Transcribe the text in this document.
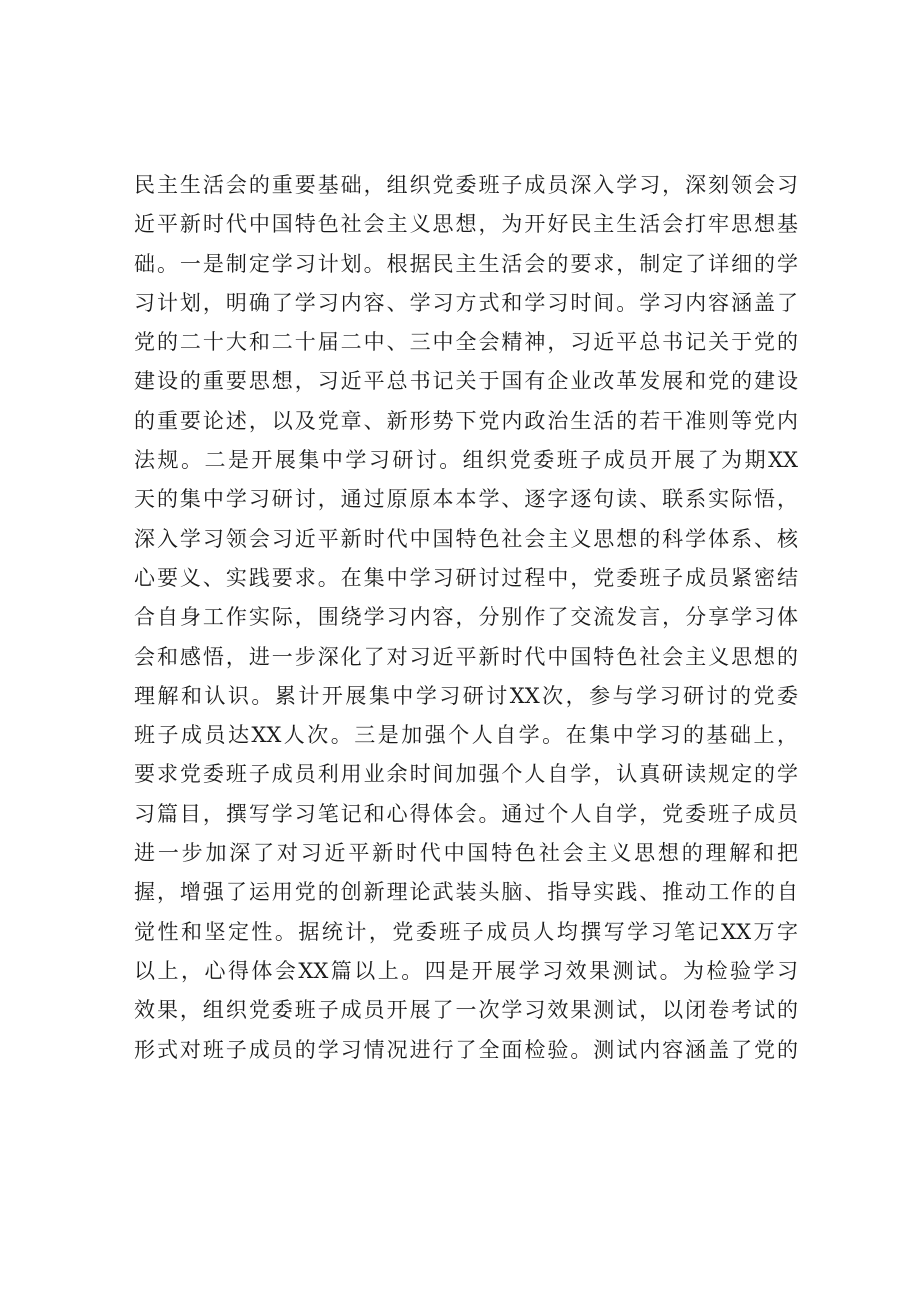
民主生活会的重要基础，组织党委班子成员深入学习，深刻领会习
近平新时代中国特色社会主义思想，为开好民主生活会打牢思想基
础。一是制定学习计划。根据民主生活会的要求，制定了详细的学
习计划，明确了学习内容、学习方式和学习时间。学习内容涵盖了
党的二十大和二十届二中、三中全会精神，习近平总书记关于党的
建设的重要思想，习近平总书记关于国有企业改革发展和党的建设
的重要论述，以及党章、新形势下党内政治生活的若干准则等党内
法规。二是开展集中学习研讨。组织党委班子成员开展了为期XX
天的集中学习研讨，通过原原本本学、逐字逐句读、联系实际悟，
深入学习领会习近平新时代中国特色社会主义思想的科学体系、核
心要义、实践要求。在集中学习研讨过程中，党委班子成员紧密结
合自身工作实际，围绕学习内容，分别作了交流发言，分享学习体
会和感悟，进一步深化了对习近平新时代中国特色社会主义思想的
理解和认识。累计开展集中学习研讨XX次，参与学习研讨的党委
班子成员达XX人次。三是加强个人自学。在集中学习的基础上，
要求党委班子成员利用业余时间加强个人自学，认真研读规定的学
习篇目，撰写学习笔记和心得体会。通过个人自学，党委班子成员
进一步加深了对习近平新时代中国特色社会主义思想的理解和把
握，增强了运用党的创新理论武装头脑、指导实践、推动工作的自
觉性和坚定性。据统计，党委班子成员人均撰写学习笔记XX万字
以上，心得体会XX篇以上。四是开展学习效果测试。为检验学习
效果，组织党委班子成员开展了一次学习效果测试，以闭卷考试的
形式对班子成员的学习情况进行了全面检验。测试内容涵盖了党的
